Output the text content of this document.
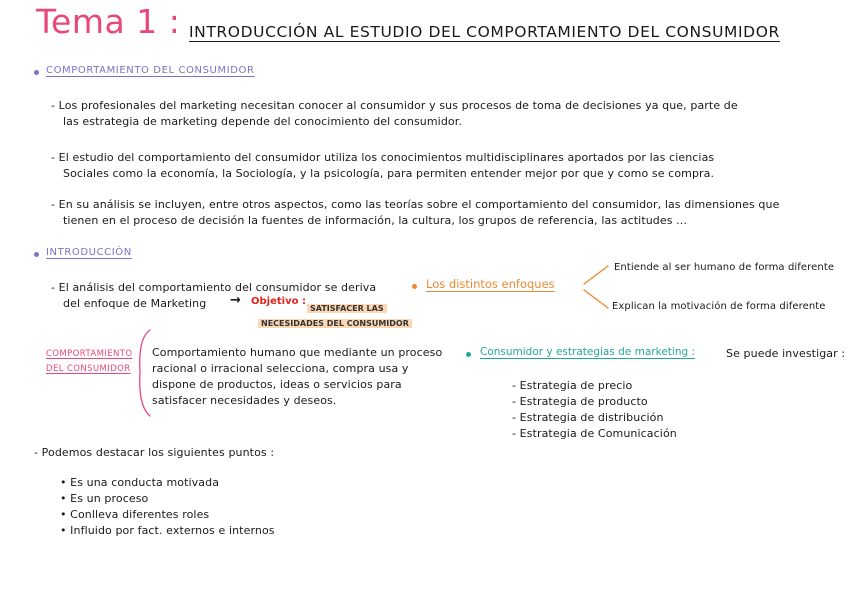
Tema 1 : INTRODUCCIÓN AL ESTUDIO DEL COMPORTAMIENTO DEL CONSUMIDOR
COMPORTAMIENTO DEL CONSUMIDOR
- Los profesionales del marketing necesitan conocer al consumidor y sus procesos de toma de decisiones ya que, parte de
las estrategia de marketing depende del conocimiento del consumidor.
- El estudio del comportamiento del consumidor utiliza los conocimientos multidisciplinares aportados por las ciencias
Sociales como la economía, la Sociología, y la psicología, para permiten entender mejor por que y como se compra.
- En su análisis se incluyen, entre otros aspectos, como las teorías sobre el comportamiento del consumidor, las dimensiones que
tienen en el proceso de decisión la fuentes de información, la cultura, los grupos de referencia, las actitudes ...
INTRODUCCIÓN
- El análisis del comportamiento del consumidor se deriva
del enfoque de Marketing → Objetivo :
SATISFACER LAS
NECESIDADES DEL CONSUMIDOR
Los distintos enfoques
Entiende al ser humano de forma diferente
Explican la motivación de forma diferente
COMPORTAMIENTO
DEL CONSUMIDOR
Comportamiento humano que mediante un proceso
racional o irracional selecciona, compra usa y
dispone de productos, ideas o servicios para
satisfacer necesidades y deseos.
Consumidor y estrategias de marketing :	Se puede investigar :
- Estrategia de precio
- Estrategia de producto
- Estrategia de distribución
- Estrategia de Comunicación
- Podemos destacar los siguientes puntos :
• Es una conducta motivada
• Es un proceso
• Conlleva diferentes roles
• Influido por fact. externos e internos
